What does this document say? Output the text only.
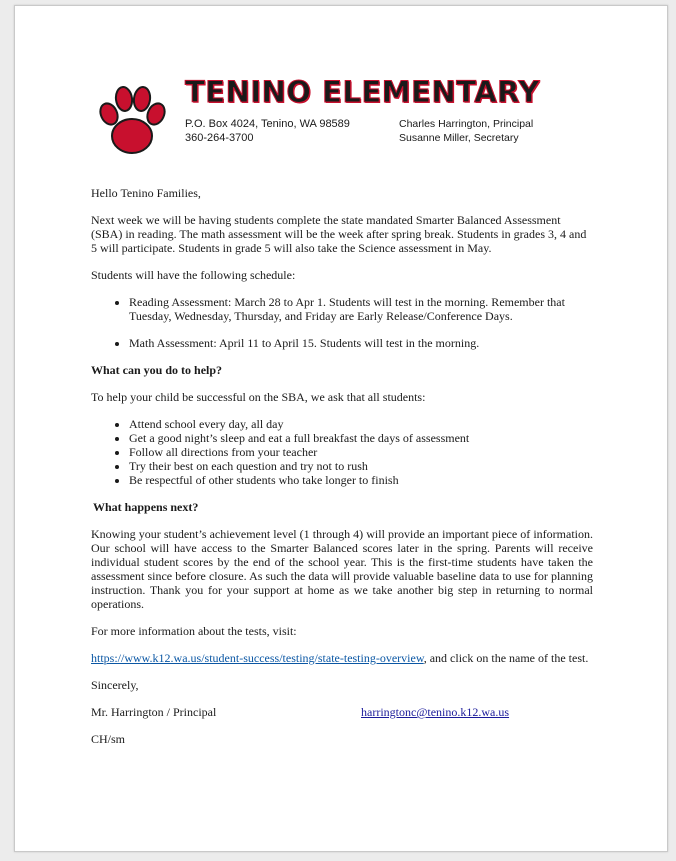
TENINO ELEMENTARY
P.O. Box 4024, Tenino, WA 98589
360-264-3700
Charles Harrington, Principal
Susanne Miller, Secretary

Hello Tenino Families,

Next week we will be having students complete the state mandated Smarter Balanced Assessment (SBA) in reading. The math assessment will be the week after spring break. Students in grades 3, 4 and 5 will participate. Students in grade 5 will also take the Science assessment in May.

Students will have the following schedule:

• Reading Assessment: March 28 to Apr 1. Students will test in the morning. Remember that Tuesday, Wednesday, Thursday, and Friday are Early Release/Conference Days.
• Math Assessment: April 11 to April 15. Students will test in the morning.

What can you do to help?

To help your child be successful on the SBA, we ask that all students:

• Attend school every day, all day
• Get a good night’s sleep and eat a full breakfast the days of assessment
• Follow all directions from your teacher
• Try their best on each question and try not to rush
• Be respectful of other students who take longer to finish

What happens next?

Knowing your student’s achievement level (1 through 4) will provide an important piece of information. Our school will have access to the Smarter Balanced scores later in the spring. Parents will receive individual student scores by the end of the school year. This is the first-time students have taken the assessment since before closure. As such the data will provide valuable baseline data to use for planning instruction. Thank you for your support at home as we take another big step in returning to normal operations.

For more information about the tests, visit:

https://www.k12.wa.us/student-success/testing/state-testing-overview, and click on the name of the test.

Sincerely,

Mr. Harrington / Principal	harringtonc@tenino.k12.wa.us

CH/sm
